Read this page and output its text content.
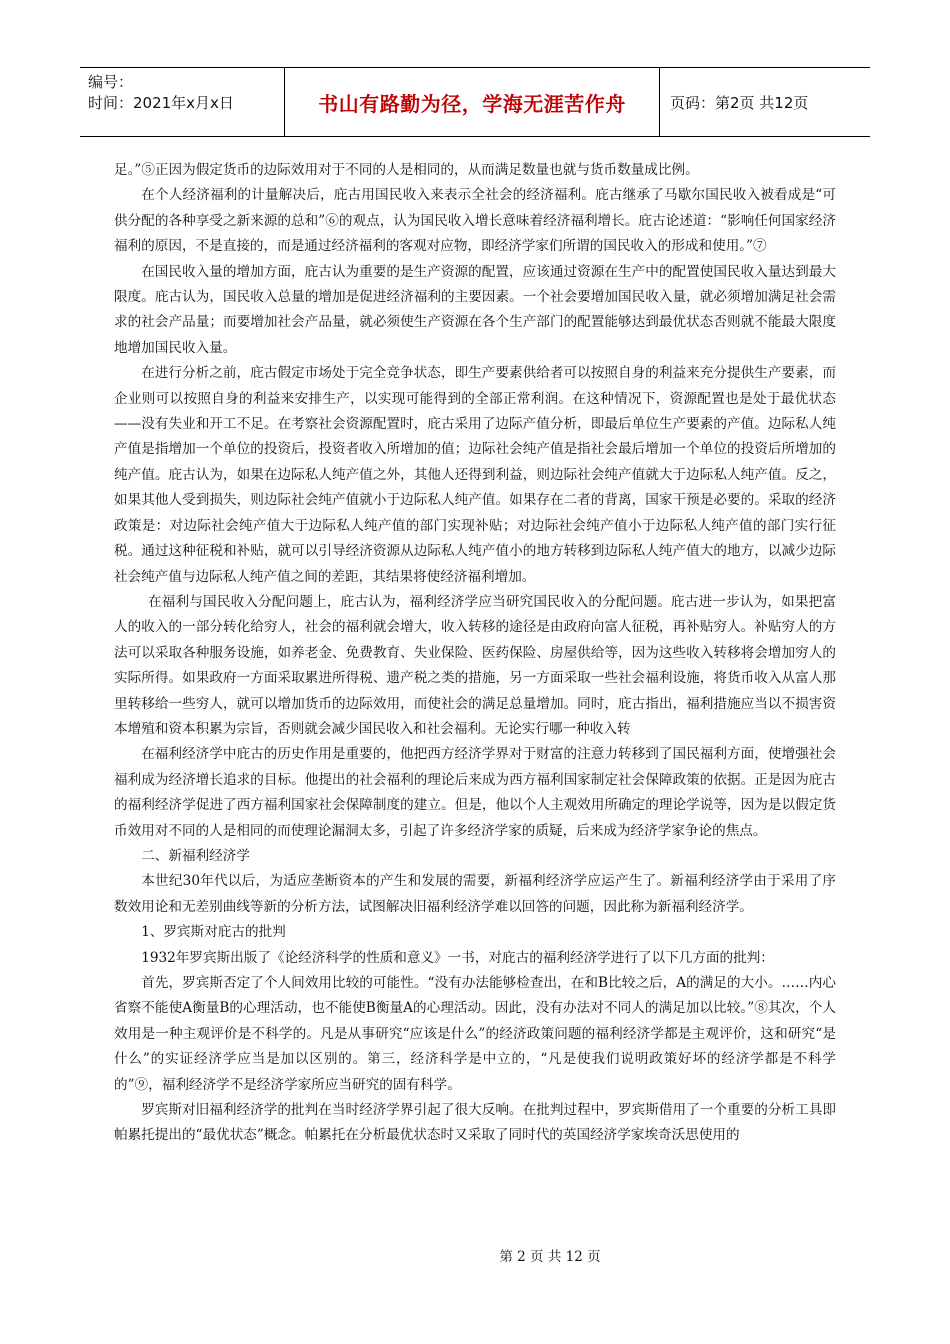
编号：
时间：2021年x月x日	书山有路勤为径，学海无涯苦作舟	页码：第2页 共12页

足。”⑤正因为假定货币的边际效用对于不同的人是相同的，从而满足数量也就与货币数量成比例。

在个人经济福利的计量解决后，庇古用国民收入来表示全社会的经济福利。庇古继承了马歇尔国民收入被看成是“可供分配的各种享受之新来源的总和”⑥的观点，认为国民收入增长意味着经济福利增长。庇古论述道：“影响任何国家经济福利的原因，不是直接的，而是通过经济福利的客观对应物，即经济学家们所谓的国民收入的形成和使用。”⑦

在国民收入量的增加方面，庇古认为重要的是生产资源的配置，应该通过资源在生产中的配置使国民收入量达到最大限度。庇古认为，国民收入总量的增加是促进经济福利的主要因素。一个社会要增加国民收入量，就必须增加满足社会需求的社会产品量；而要增加社会产品量，就必须使生产资源在各个生产部门的配置能够达到最优状态否则就不能最大限度地增加国民收入量。

在进行分析之前，庇古假定市场处于完全竞争状态，即生产要素供给者可以按照自身的利益来充分提供生产要素，而企业则可以按照自身的利益来安排生产，以实现可能得到的全部正常利润。在这种情况下，资源配置也是处于最优状态——没有失业和开工不足。在考察社会资源配置时，庇古采用了边际产值分析，即最后单位生产要素的产值。边际私人纯产值是指增加一个单位的投资后，投资者收入所增加的值；边际社会纯产值是指社会最后增加一个单位的投资后所增加的纯产值。庇古认为，如果在边际私人纯产值之外，其他人还得到利益，则边际社会纯产值就大于边际私人纯产值。反之，如果其他人受到损失，则边际社会纯产值就小于边际私人纯产值。如果存在二者的背离，国家干预是必要的。采取的经济政策是：对边际社会纯产值大于边际私人纯产值的部门实现补贴；对边际社会纯产值小于边际私人纯产值的部门实行征税。通过这种征税和补贴，就可以引导经济资源从边际私人纯产值小的地方转移到边际私人纯产值大的地方，以减少边际社会纯产值与边际私人纯产值之间的差距，其结果将使经济福利增加。

在福利与国民收入分配问题上，庇古认为，福利经济学应当研究国民收入的分配问题。庇古进一步认为，如果把富人的收入的一部分转化给穷人，社会的福利就会增大，收入转移的途径是由政府向富人征税，再补贴穷人。补贴穷人的方法可以采取各种服务设施，如养老金、免费教育、失业保险、医药保险、房屋供给等，因为这些收入转移将会增加穷人的实际所得。如果政府一方面采取累进所得税、遗产税之类的措施，另一方面采取一些社会福利设施，将货币收入从富人那里转移给一些穷人，就可以增加货币的边际效用，而使社会的满足总量增加。同时，庇古指出，福利措施应当以不损害资本增殖和资本积累为宗旨，否则就会减少国民收入和社会福利。无论实行哪一种收入转

在福利经济学中庇古的历史作用是重要的，他把西方经济学界对于财富的注意力转移到了国民福利方面，使增强社会福利成为经济增长追求的目标。他提出的社会福利的理论后来成为西方福利国家制定社会保障政策的依据。正是因为庇古的福利经济学促进了西方福利国家社会保障制度的建立。但是，他以个人主观效用所确定的理论学说等，因为是以假定货币效用对不同的人是相同的而使理论漏洞太多，引起了许多经济学家的质疑，后来成为经济学家争论的焦点。

二、新福利经济学

本世纪30年代以后，为适应垄断资本的产生和发展的需要，新福利经济学应运产生了。新福利经济学由于采用了序数效用论和无差别曲线等新的分析方法，试图解决旧福利经济学难以回答的问题，因此称为新福利经济学。

1、罗宾斯对庇古的批判

1932年罗宾斯出版了《论经济科学的性质和意义》一书，对庇古的福利经济学进行了以下几方面的批判：

首先，罗宾斯否定了个人间效用比较的可能性。“没有办法能够检查出，在和B比较之后，A的满足的大小。……内心省察不能使A衡量B的心理活动，也不能使B衡量A的心理活动。因此，没有办法对不同人的满足加以比较。”⑧其次，个人效用是一种主观评价是不科学的。凡是从事研究“应该是什么”的经济政策问题的福利经济学都是主观评价，这和研究“是什么”的实证经济学应当是加以区别的。第三，经济科学是中立的，“凡是使我们说明政策好坏的经济学都是不科学的”⑨，福利经济学不是经济学家所应当研究的固有科学。

罗宾斯对旧福利经济学的批判在当时经济学界引起了很大反响。在批判过程中，罗宾斯借用了一个重要的分析工具即帕累托提出的“最优状态”概念。帕累托在分析最优状态时又采取了同时代的英国经济学家埃奇沃思使用的

第 2 页 共 12 页
